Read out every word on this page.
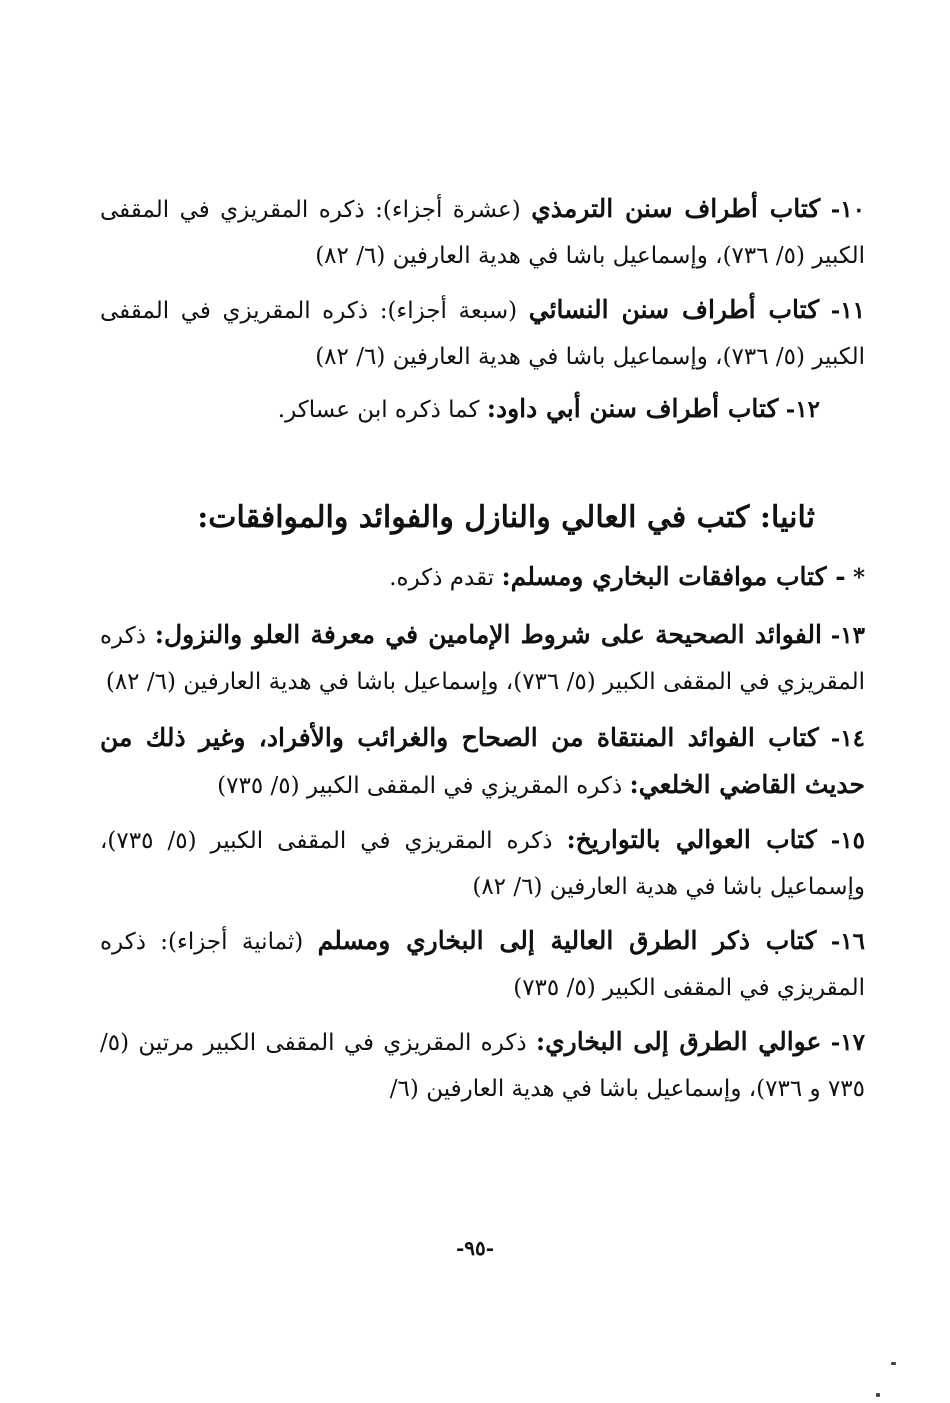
١٠- كتاب أطراف سنن الترمذي (عشرة أجزاء): ذكره المقريزي في المقفى الكبير (٥/ ٧٣٦)، وإسماعيل باشا في هدية العارفين (٦/ ٨٢)

١١- كتاب أطراف سنن النسائي (سبعة أجزاء): ذكره المقريزي في المقفى الكبير (٥/ ٧٣٦)، وإسماعيل باشا في هدية العارفين (٦/ ٨٢)

١٢- كتاب أطراف سنن أبي داود: كما ذكره ابن عساكر.

ثانيا: كتب في العالي والنازل والفوائد والموافقات:
* - كتاب موافقات البخاري ومسلم: تقدم ذكره.

١٣- الفوائد الصحيحة على شروط الإمامين في معرفة العلو والنزول: ذكره المقريزي في المقفى الكبير (٥/ ٧٣٦)، وإسماعيل باشا في هدية العارفين (٦/ ٨٢)

١٤- كتاب الفوائد المنتقاة من الصحاح والغرائب والأفراد، وغير ذلك من حديث القاضي الخلعي: ذكره المقريزي في المقفى الكبير (٥/ ٧٣٥)

١٥- كتاب العوالي بالتواريخ: ذكره المقريزي في المقفى الكبير (٥/ ٧٣٥)، وإسماعيل باشا في هدية العارفين (٦/ ٨٢)

١٦- كتاب ذكر الطرق العالية إلى البخاري ومسلم (ثمانية أجزاء): ذكره المقريزي في المقفى الكبير (٥/ ٧٣٥)

١٧- عوالي الطرق إلى البخاري: ذكره المقريزي في المقفى الكبير مرتين (٥/ ٧٣٥ و ٧٣٦)، وإسماعيل باشا في هدية العارفين (٦/

-٩٥-
